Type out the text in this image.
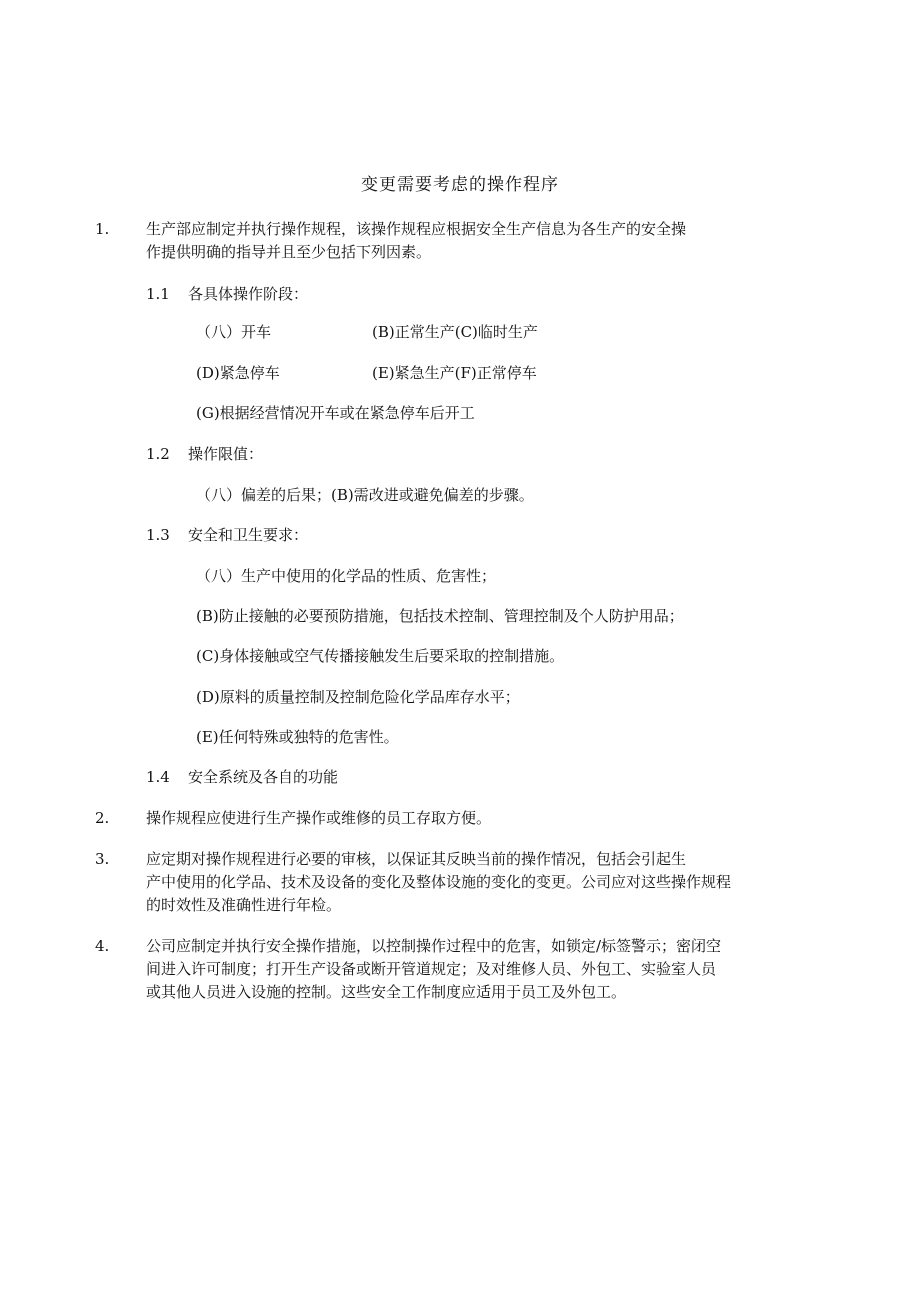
变更需要考虑的操作程序
1. 生产部应制定并执行操作规程，该操作规程应根据安全生产信息为各生产的安全操
作提供明确的指导并且至少包括下列因素。
1.1 各具体操作阶段：
（八）开车	(B)正常生产(C)临时生产
(D)紧急停车	(E)紧急生产(F)正常停车
(G)根据经营情况开车或在紧急停车后开工
1.2 操作限值：
（八）偏差的后果；(B)需改进或避免偏差的步骤。
1.3 安全和卫生要求：
（八）生产中使用的化学品的性质、危害性；
(B)防止接触的必要预防措施，包括技术控制、管理控制及个人防护用品；
(C)身体接触或空气传播接触发生后要采取的控制措施。
(D)原料的质量控制及控制危险化学品库存水平；
(E)任何特殊或独特的危害性。
1.4 安全系统及各自的功能
2. 操作规程应使进行生产操作或维修的员工存取方便。
3. 应定期对操作规程进行必要的审核，以保证其反映当前的操作情况，包括会引起生
产中使用的化学品、技术及设备的变化及整体设施的变化的变更。公司应对这些操作规程
的时效性及准确性进行年检。
4. 公司应制定并执行安全操作措施，以控制操作过程中的危害，如锁定/标签警示；密闭空
间进入许可制度；打开生产设备或断开管道规定；及对维修人员、外包工、实验室人员
或其他人员进入设施的控制。这些安全工作制度应适用于员工及外包工。
